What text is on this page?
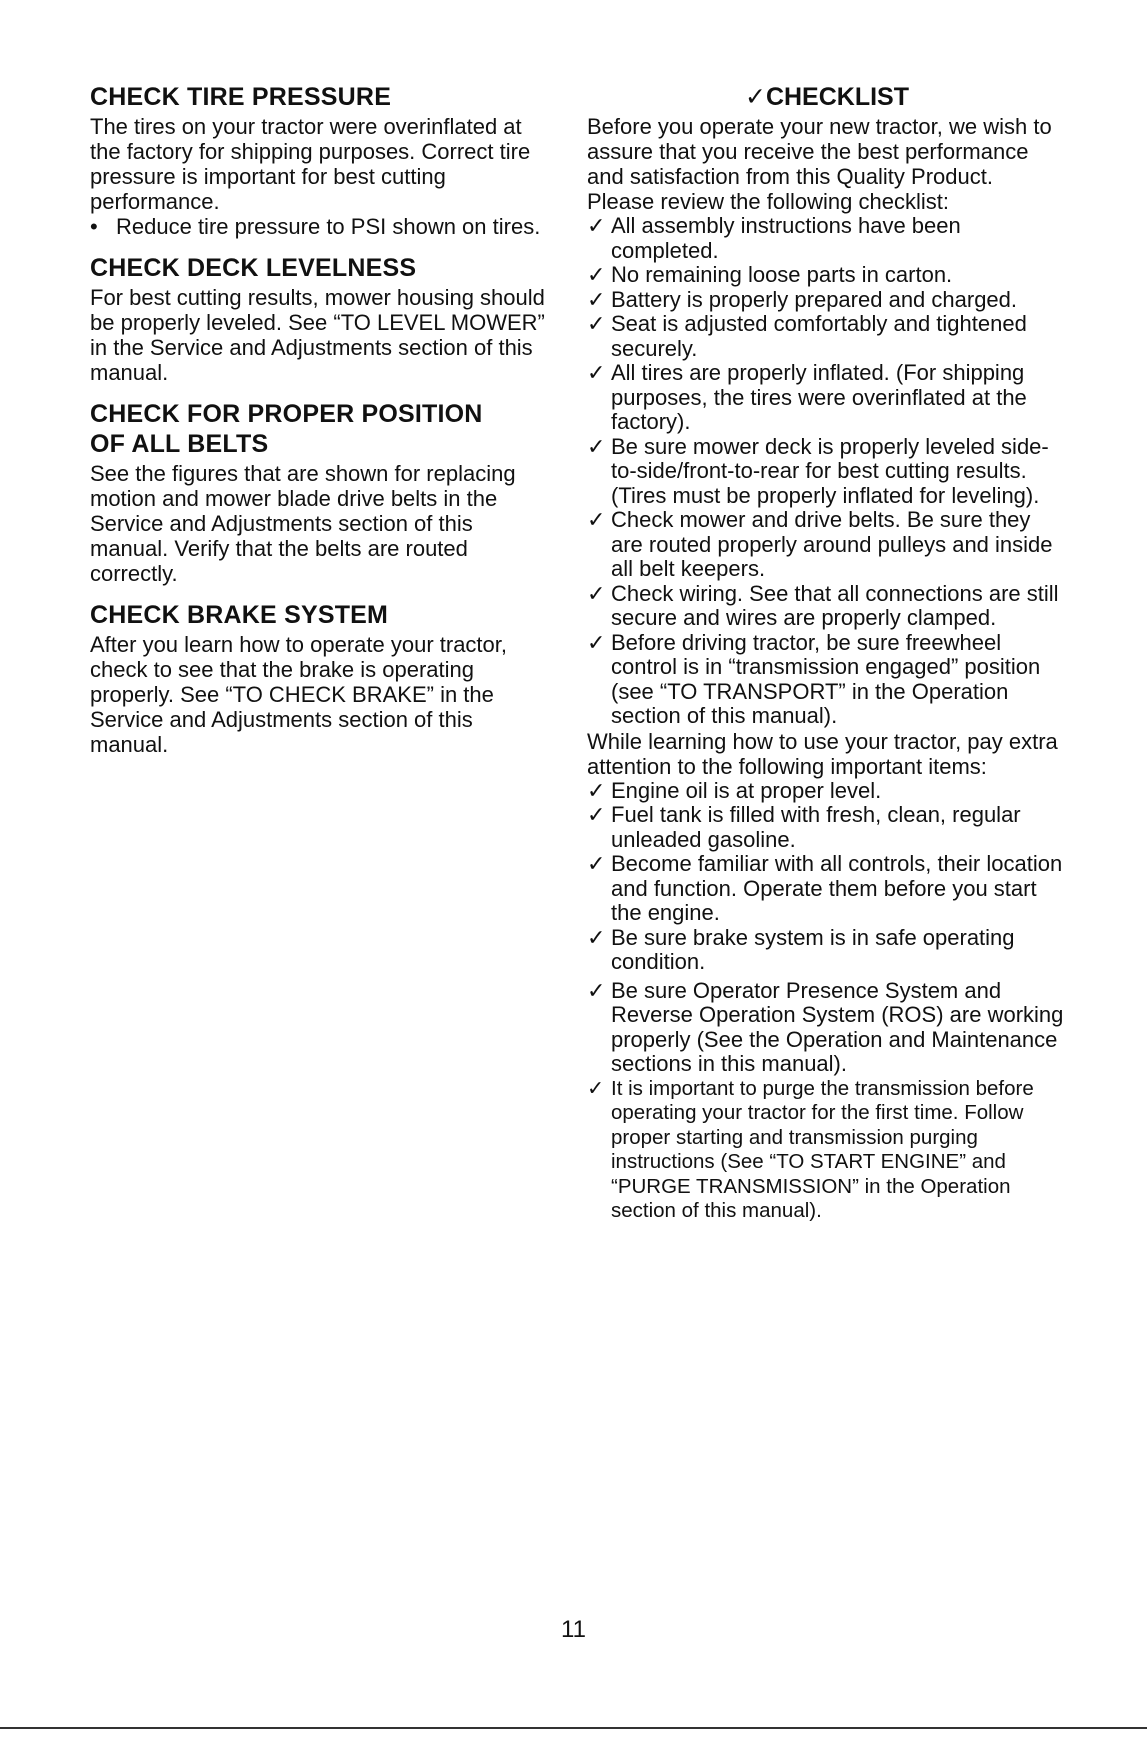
CHECK TIRE PRESSURE

The tires on your tractor were overinflated at the factory for shipping purposes. Correct tire pressure is important for best cutting performance.

• Reduce tire pressure to PSI shown on tires.
CHECK DECK LEVELNESS

For best cutting results, mower housing should be properly leveled. See “TO LEVEL MOWER” in the Service and Adjustments section of this manual.

CHECK FOR PROPER POSITION
OF ALL BELTS

See the figures that are shown for replacing motion and mower blade drive belts in the Service and Adjustments section of this manual. Verify that the belts are routed correctly.

CHECK BRAKE SYSTEM

After you learn how to operate your tractor, check to see that the brake is operating properly. See “TO CHECK BRAKE” in the Service and Adjustments section of this manual.

✓CHECKLIST

Before you operate your new tractor, we wish to assure that you receive the best performance and satisfaction from this Quality Product.

Please review the following checklist:

✓ All assembly instructions have been completed.
✓ No remaining loose parts in carton.
✓ Battery is properly prepared and charged.
✓ Seat is adjusted comfortably and tightened securely.
✓ All tires are properly inflated. (For shipping purposes, the tires were overinflated at the factory).
✓ Be sure mower deck is properly leveled side-to-side/front-to-rear for best cutting results. (Tires must be properly inflated for leveling).
✓ Check mower and drive belts. Be sure they are routed properly around pulleys and inside all belt keepers.
✓ Check wiring. See that all connections are still secure and wires are properly clamped.
✓ Before driving tractor, be sure freewheel control is in “transmission engaged” position (see “TO TRANSPORT” in the Operation section of this manual).

While learning how to use your tractor, pay extra attention to the following important items:

✓ Engine oil is at proper level.
✓ Fuel tank is filled with fresh, clean, regular unleaded gasoline.
✓ Become familiar with all controls, their location and function. Operate them before you start the engine.
✓ Be sure brake system is in safe operating condition.
✓ Be sure Operator Presence System and Reverse Operation System (ROS) are working properly (See the Operation and Maintenance sections in this manual).
✓ It is important to purge the transmission before operating your tractor for the first time. Follow proper starting and transmission purging instructions (See “TO START ENGINE” and “PURGE TRANSMISSION” in the Operation section of this manual).
11
